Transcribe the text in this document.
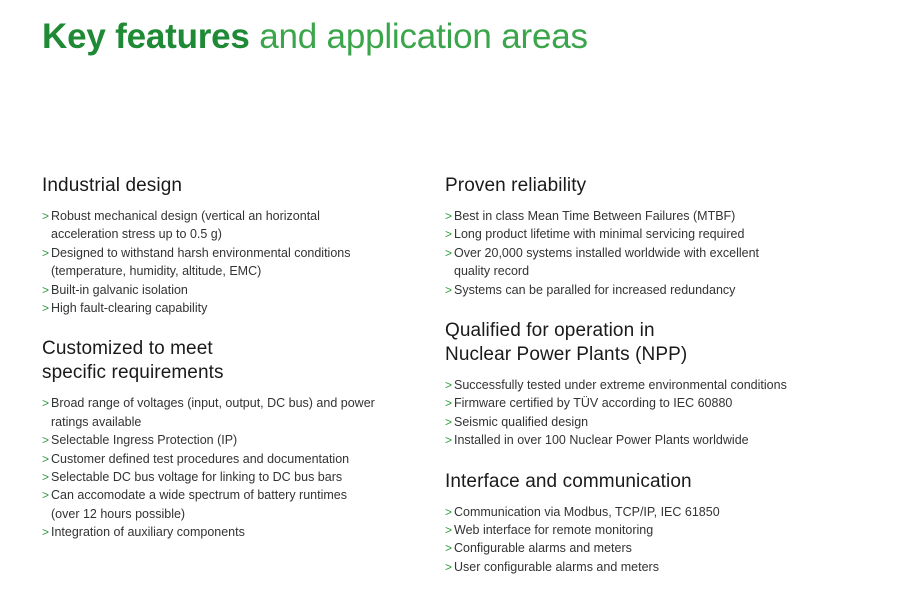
Key features and application areas
Industrial design
> Robust mechanical design (vertical an horizontal
acceleration stress up to 0.5 g)
> Designed to withstand harsh environmental conditions
(temperature, humidity, altitude, EMC)
> Built-in galvanic isolation
> High fault-clearing capability
Customized to meet
specific requirements
> Broad range of voltages (input, output, DC bus) and power
ratings available
> Selectable Ingress Protection (IP)
> Customer defined test procedures and documentation
> Selectable DC bus voltage for linking to DC bus bars
> Can accomodate a wide spectrum of battery runtimes
(over 12 hours possible)
> Integration of auxiliary components
Proven reliability
> Best in class Mean Time Between Failures (MTBF)
> Long product lifetime with minimal servicing required
> Over 20,000 systems installed worldwide with excellent
quality record
> Systems can be paralled for increased redundancy
Qualified for operation in
Nuclear Power Plants (NPP)
> Successfully tested under extreme environmental conditions
> Firmware certified by TÜV according to IEC 60880
> Seismic qualified design
> Installed in over 100 Nuclear Power Plants worldwide
Interface and communication
> Communication via Modbus, TCP/IP, IEC 61850
> Web interface for remote monitoring
> Configurable alarms and meters
> User configurable alarms and meters
